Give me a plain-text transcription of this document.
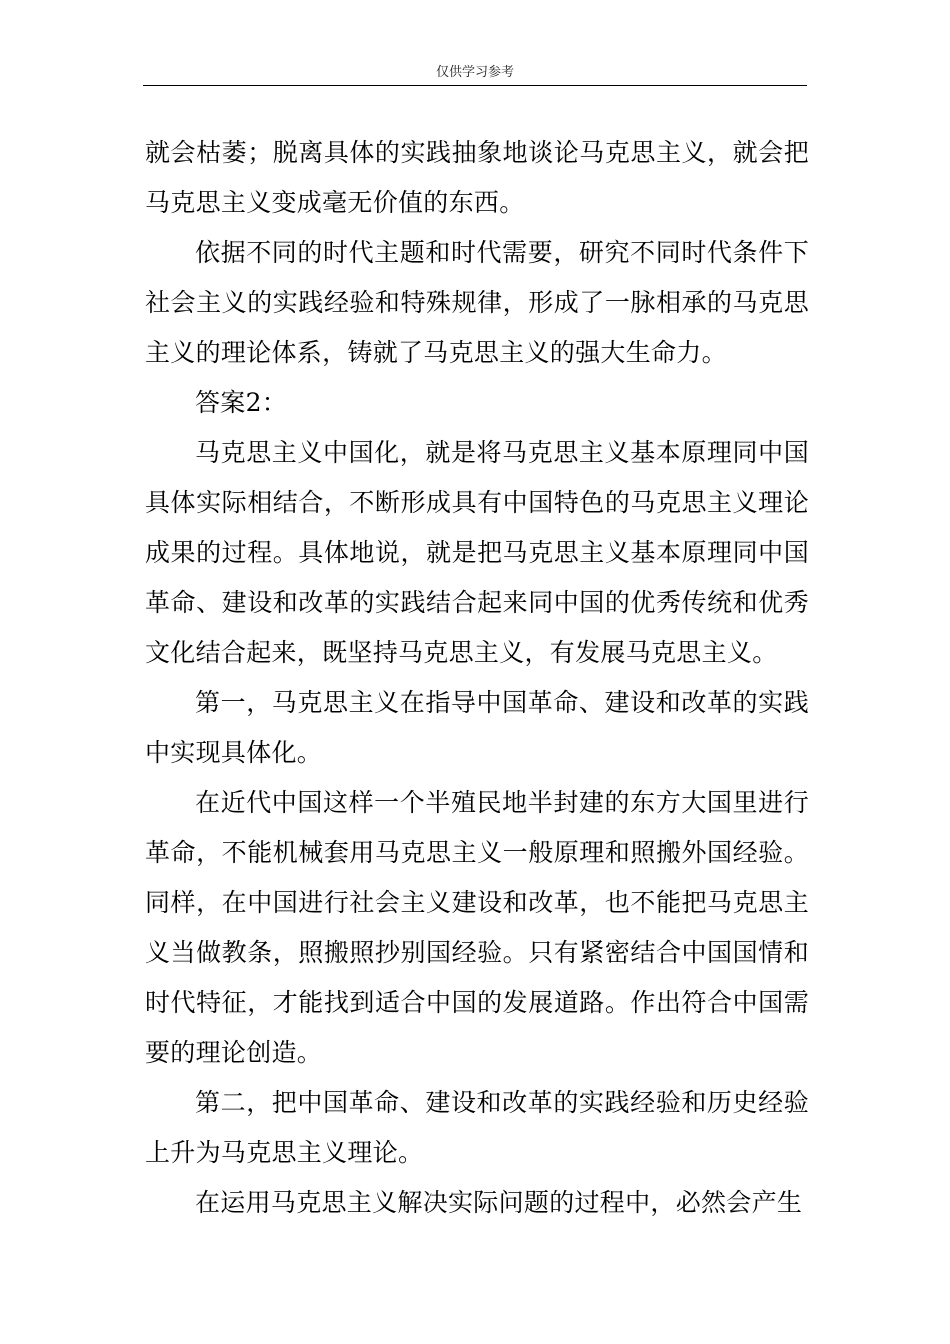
仅供学习参考

就会枯萎；脱离具体的实践抽象地谈论马克思主义，就会把马克思主义变成毫无价值的东西。

依据不同的时代主题和时代需要，研究不同时代条件下社会主义的实践经验和特殊规律，形成了一脉相承的马克思主义的理论体系，铸就了马克思主义的强大生命力。

答案2：

马克思主义中国化，就是将马克思主义基本原理同中国具体实际相结合，不断形成具有中国特色的马克思主义理论成果的过程。具体地说，就是把马克思主义基本原理同中国革命、建设和改革的实践结合起来同中国的优秀传统和优秀文化结合起来，既坚持马克思主义，有发展马克思主义。

第一，马克思主义在指导中国革命、建设和改革的实践中实现具体化。

在近代中国这样一个半殖民地半封建的东方大国里进行革命，不能机械套用马克思主义一般原理和照搬外国经验。同样，在中国进行社会主义建设和改革，也不能把马克思主义当做教条，照搬照抄别国经验。只有紧密结合中国国情和时代特征，才能找到适合中国的发展道路。作出符合中国需要的理论创造。

第二，把中国革命、建设和改革的实践经验和历史经验上升为马克思主义理论。

在运用马克思主义解决实际问题的过程中，必然会产生
